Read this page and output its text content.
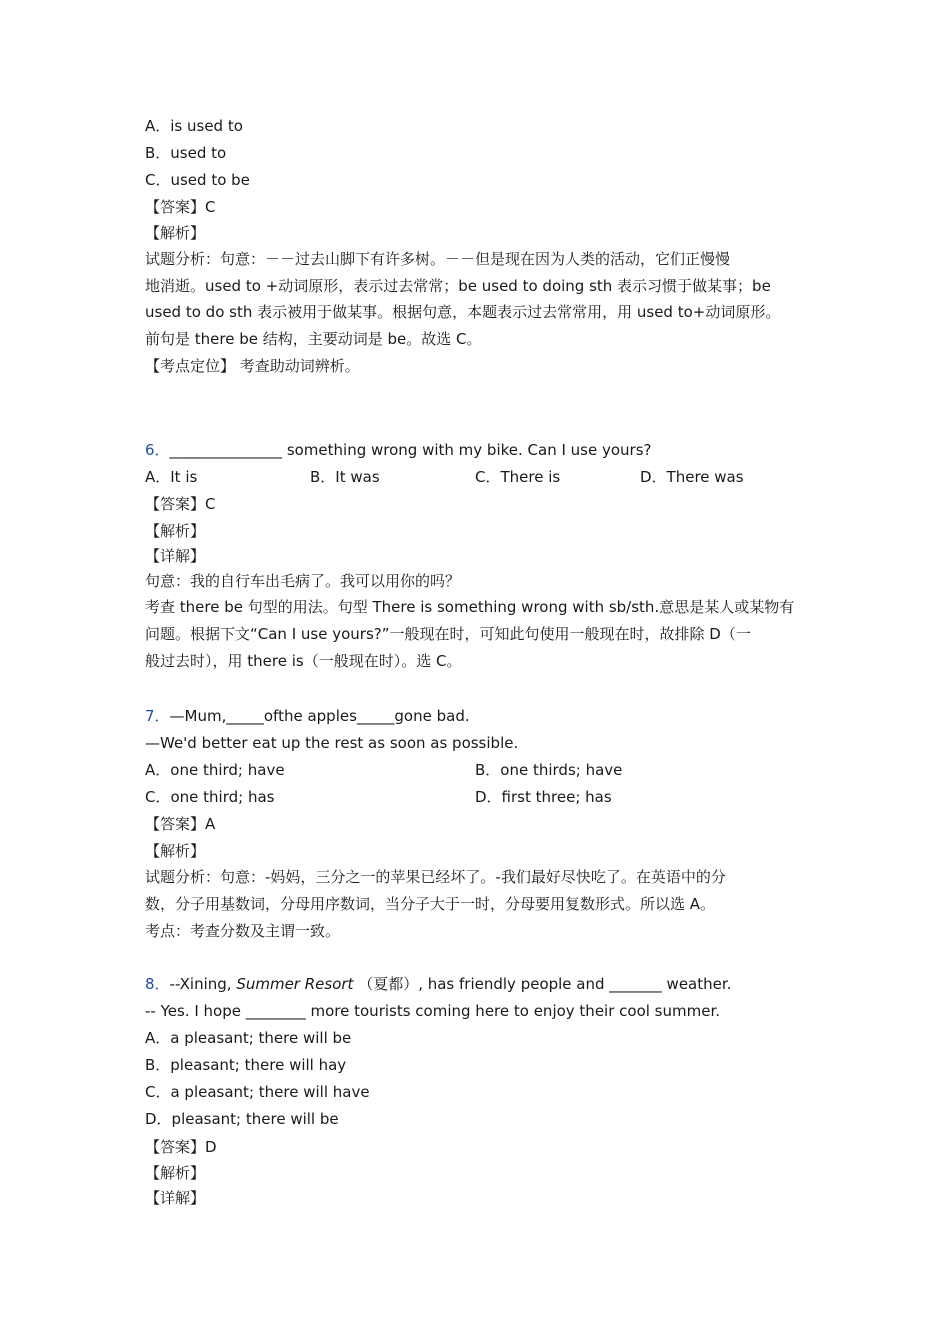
A．is used to
B．used to
C．used to be
【答案】C
【解析】
试题分析：句意：－－过去山脚下有许多树。－－但是现在因为人类的活动，它们正慢慢
地消逝。used to +动词原形，表示过去常常；be used to doing sth 表示习惯于做某事；be
used to do sth 表示被用于做某事。根据句意，本题表示过去常常用，用 used to+动词原形。
前句是 there be 结构，主要动词是 be。故选 C。
【考点定位】 考查助动词辨析。
6．_______________ something wrong with my bike. Can I use yours?
A．It is	B．It was	C．There is	D．There was
【答案】C
【解析】
【详解】
句意：我的自行车出毛病了。我可以用你的吗？
考查 there be 句型的用法。句型 There is something wrong with sb/sth.意思是某人或某物有
问题。根据下文“Can I use yours?”一般现在时，可知此句使用一般现在时，故排除 D（一
般过去时），用 there is（一般现在时）。选 C。
7．—Mum,_____ofthe apples_____gone bad.
—We'd better eat up the rest as soon as possible.
A．one third; have	B．one thirds; have
C．one third; has	D．first three; has
【答案】A
【解析】
试题分析：句意：-妈妈，三分之一的苹果已经坏了。-我们最好尽快吃了。在英语中的分
数，分子用基数词，分母用序数词，当分子大于一时，分母要用复数形式。所以选 A。
考点：考查分数及主谓一致。
8．--Xining, Summer Resort （夏都）, has friendly people and _______ weather.
-- Yes. I hope ________ more tourists coming here to enjoy their cool summer.
A．a pleasant; there will be
B．pleasant; there will hay
C．a pleasant; there will have
D．pleasant; there will be
【答案】D
【解析】
【详解】
